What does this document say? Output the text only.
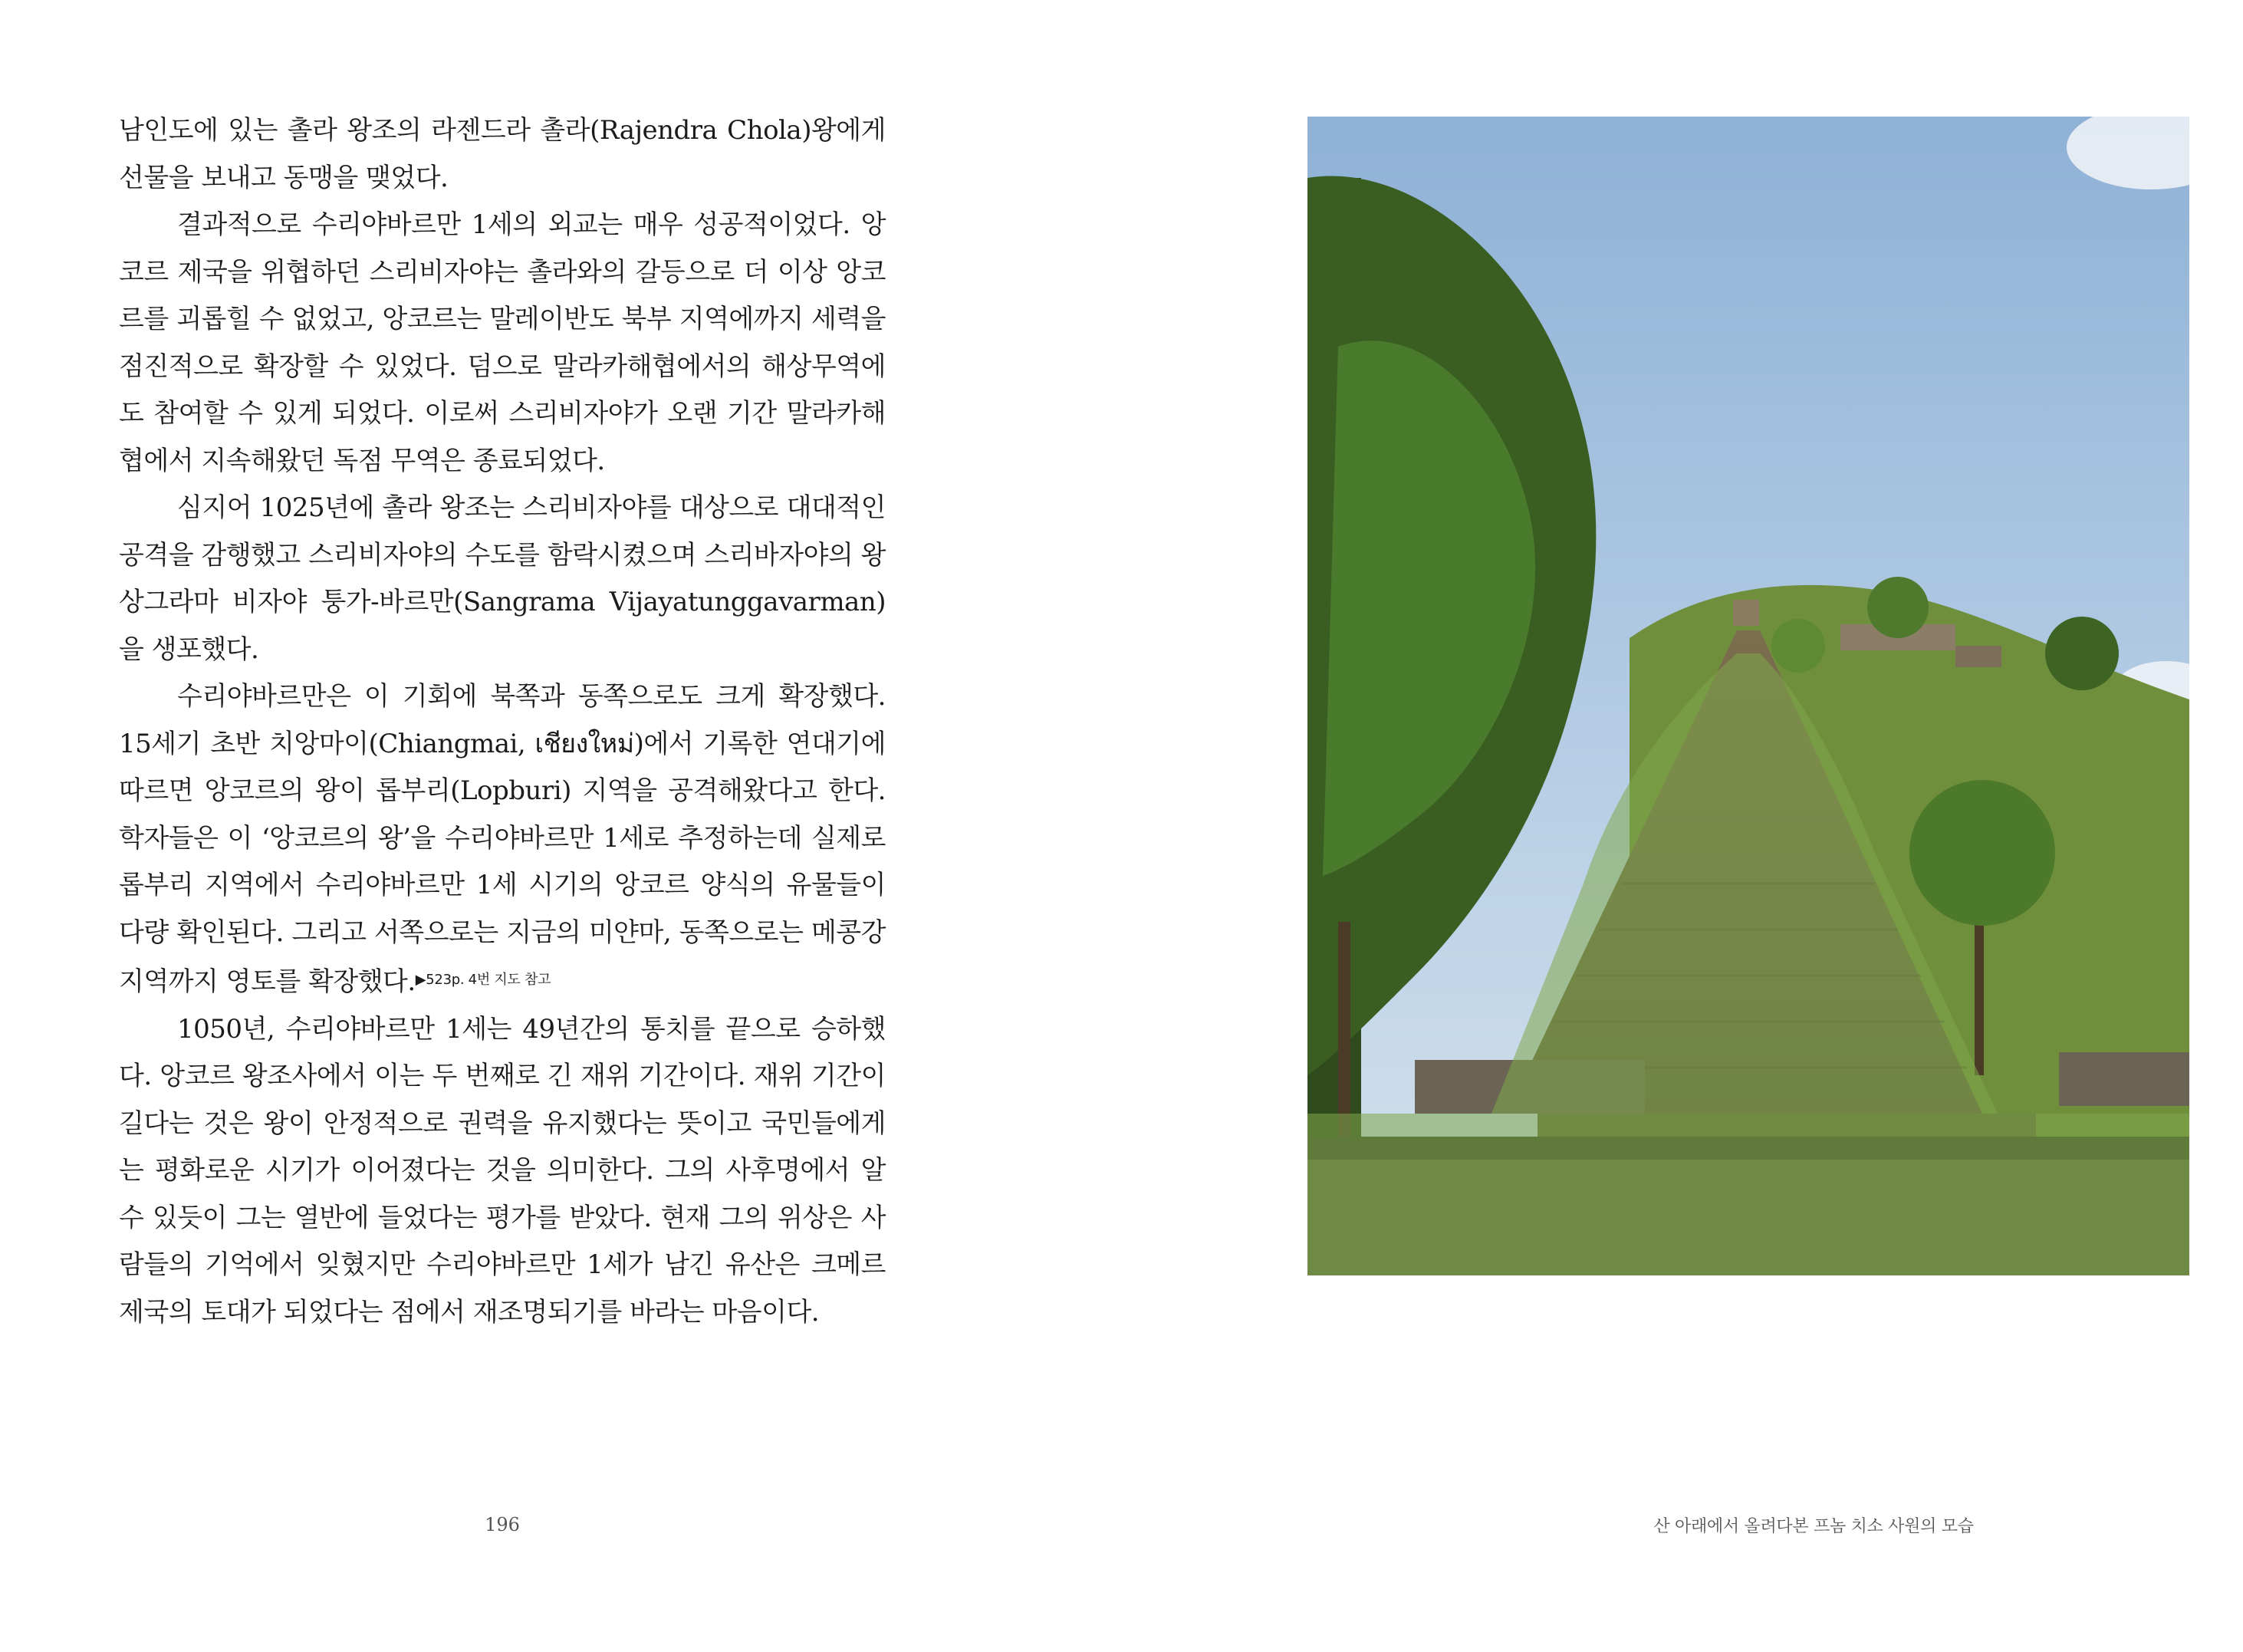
남인도에 있는 촐라 왕조의 라젠드라 촐라(Rajendra Chola)왕에게 선물을 보내고 동맹을 맺었다.

결과적으로 수리야바르만 1세의 외교는 매우 성공적이었다. 앙코르 제국을 위협하던 스리비자야는 촐라와의 갈등으로 더 이상 앙코르를 괴롭힐 수 없었고, 앙코르는 말레이반도 북부 지역에까지 세력을 점진적으로 확장할 수 있었다. 덤으로 말라카해협에서의 해상무역에도 참여할 수 있게 되었다. 이로써 스리비자야가 오랜 기간 말라카해협에서 지속해왔던 독점 무역은 종료되었다.

심지어 1025년에 촐라 왕조는 스리비자야를 대상으로 대대적인 공격을 감행했고 스리비자야의 수도를 함락시켰으며 스리바자야의 왕 상그라마 비자야 퉁가-바르만(Sangrama Vijayatunggavarman)을 생포했다.

수리야바르만은 이 기회에 북쪽과 동쪽으로도 크게 확장했다. 15세기 초반 치앙마이(Chiangmai, เชียงใหม่)에서 기록한 연대기에 따르면 앙코르의 왕이 롭부리(Lopburi) 지역을 공격해왔다고 한다. 학자들은 이 ‘앙코르의 왕’을 수리야바르만 1세로 추정하는데 실제로 롭부리 지역에서 수리야바르만 1세 시기의 앙코르 양식의 유물들이 다량 확인된다. 그리고 서쪽으로는 지금의 미얀마, 동쪽으로는 메콩강 지역까지 영토를 확장했다.$^{▶523p. 4번 지도 참고}$

1050년, 수리야바르만 1세는 49년간의 통치를 끝으로 승하했다. 앙코르 왕조사에서 이는 두 번째로 긴 재위 기간이다. 재위 기간이 길다는 것은 왕이 안정적으로 권력을 유지했다는 뜻이고 국민들에게는 평화로운 시기가 이어졌다는 것을 의미한다. 그의 사후명에서 알 수 있듯이 그는 열반에 들었다는 평가를 받았다. 현재 그의 위상은 사람들의 기억에서 잊혔지만 수리야바르만 1세가 남긴 유산은 크메르 제국의 토대가 되었다는 점에서 재조명되기를 바라는 마음이다.

196	산 아래에서 올려다본 프놈 치소 사원의 모습
